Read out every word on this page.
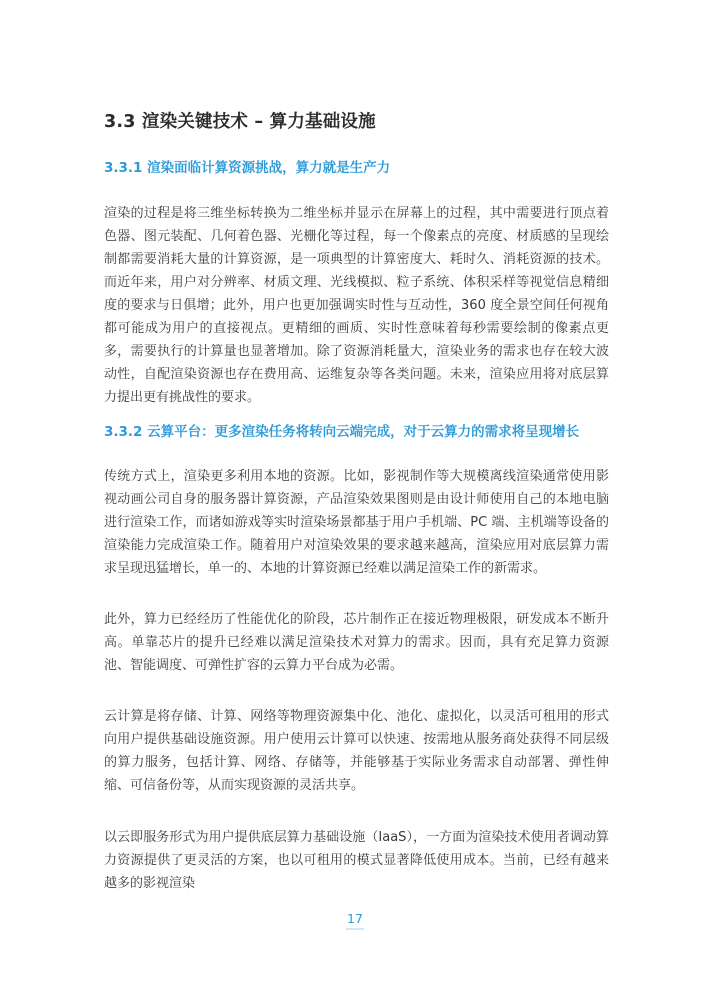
3.3 渲染关键技术 – 算力基础设施
3.3.1 渲染面临计算资源挑战，算力就是生产力

渲染的过程是将三维坐标转换为二维坐标并显示在屏幕上的过程，其中需要进行顶点着色器、图元装配、几何着色器、光栅化等过程，每一个像素点的亮度、材质感的呈现绘制都需要消耗大量的计算资源，是一项典型的计算密度大、耗时久、消耗资源的技术。而近年来，用户对分辨率、材质文理、光线模拟、粒子系统、体积采样等视觉信息精细度的要求与日俱增；此外，用户也更加强调实时性与互动性，360 度全景空间任何视角都可能成为用户的直接视点。更精细的画质、实时性意味着每秒需要绘制的像素点更多，需要执行的计算量也显著增加。除了资源消耗量大，渲染业务的需求也存在较大波动性，自配渲染资源也存在费用高、运维复杂等各类问题。未来，渲染应用将对底层算力提出更有挑战性的要求。

3.3.2 云算平台：更多渲染任务将转向云端完成，对于云算力的需求将呈现增长

传统方式上，渲染更多利用本地的资源。比如，影视制作等大规模离线渲染通常使用影视动画公司自身的服务器计算资源，产品渲染效果图则是由设计师使用自己的本地电脑进行渲染工作，而诸如游戏等实时渲染场景都基于用户手机端、PC 端、主机端等设备的渲染能力完成渲染工作。随着用户对渲染效果的要求越来越高，渲染应用对底层算力需求呈现迅猛增长，单一的、本地的计算资源已经难以满足渲染工作的新需求。

此外，算力已经经历了性能优化的阶段，芯片制作正在接近物理极限，研发成本不断升高。单靠芯片的提升已经难以满足渲染技术对算力的需求。因而，具有充足算力资源池、智能调度、可弹性扩容的云算力平台成为必需。

云计算是将存储、计算、网络等物理资源集中化、池化、虚拟化，以灵活可租用的形式向用户提供基础设施资源。用户使用云计算可以快速、按需地从服务商处获得不同层级的算力服务，包括计算、网络、存储等，并能够基于实际业务需求自动部署、弹性伸缩、可信备份等，从而实现资源的灵活共享。

以云即服务形式为用户提供底层算力基础设施（IaaS），一方面为渲染技术使用者调动算力资源提供了更灵活的方案，也以可租用的模式显著降低使用成本。当前，已经有越来越多的影视渲染

17
